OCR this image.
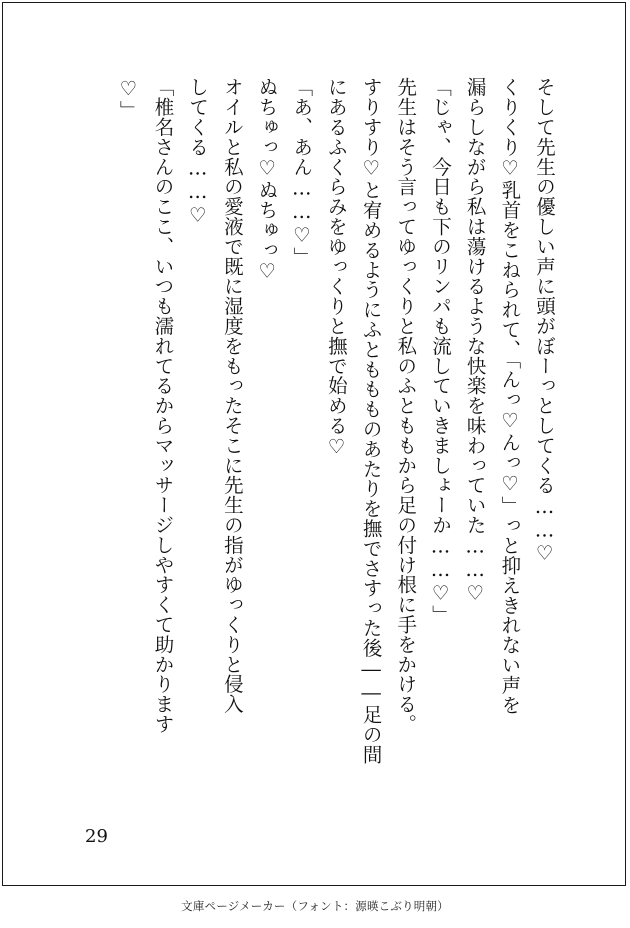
そして先生の優しい声に頭がぼーっとしてくる……♡
くりくり♡乳首をこねられて、「んっ♡んっ♡」っと抑えきれない声を
漏らしながら私は蕩けるような快楽を味わっていた……♡
「じゃ、今日も下のリンパも流していきましょーか……♡」
先生はそう言ってゆっくりと私のふとももから足の付け根に手をかける。
すりすり♡と宥めるようにふとももものあたりを撫でさすった後――足の間
にあるふくらみをゆっくりと撫で始める♡
「あ、あん……♡」
ぬちゅっ♡ぬちゅっ♡
オイルと私の愛液で既に湿度をもったそこに先生の指がゆっくりと侵入
してくる……♡
「椎名さんのここ、いつも濡れてるからマッサージしやすくて助かります
♡」
29
文庫ページメーカー（フォント：源暎こぶり明朝）
